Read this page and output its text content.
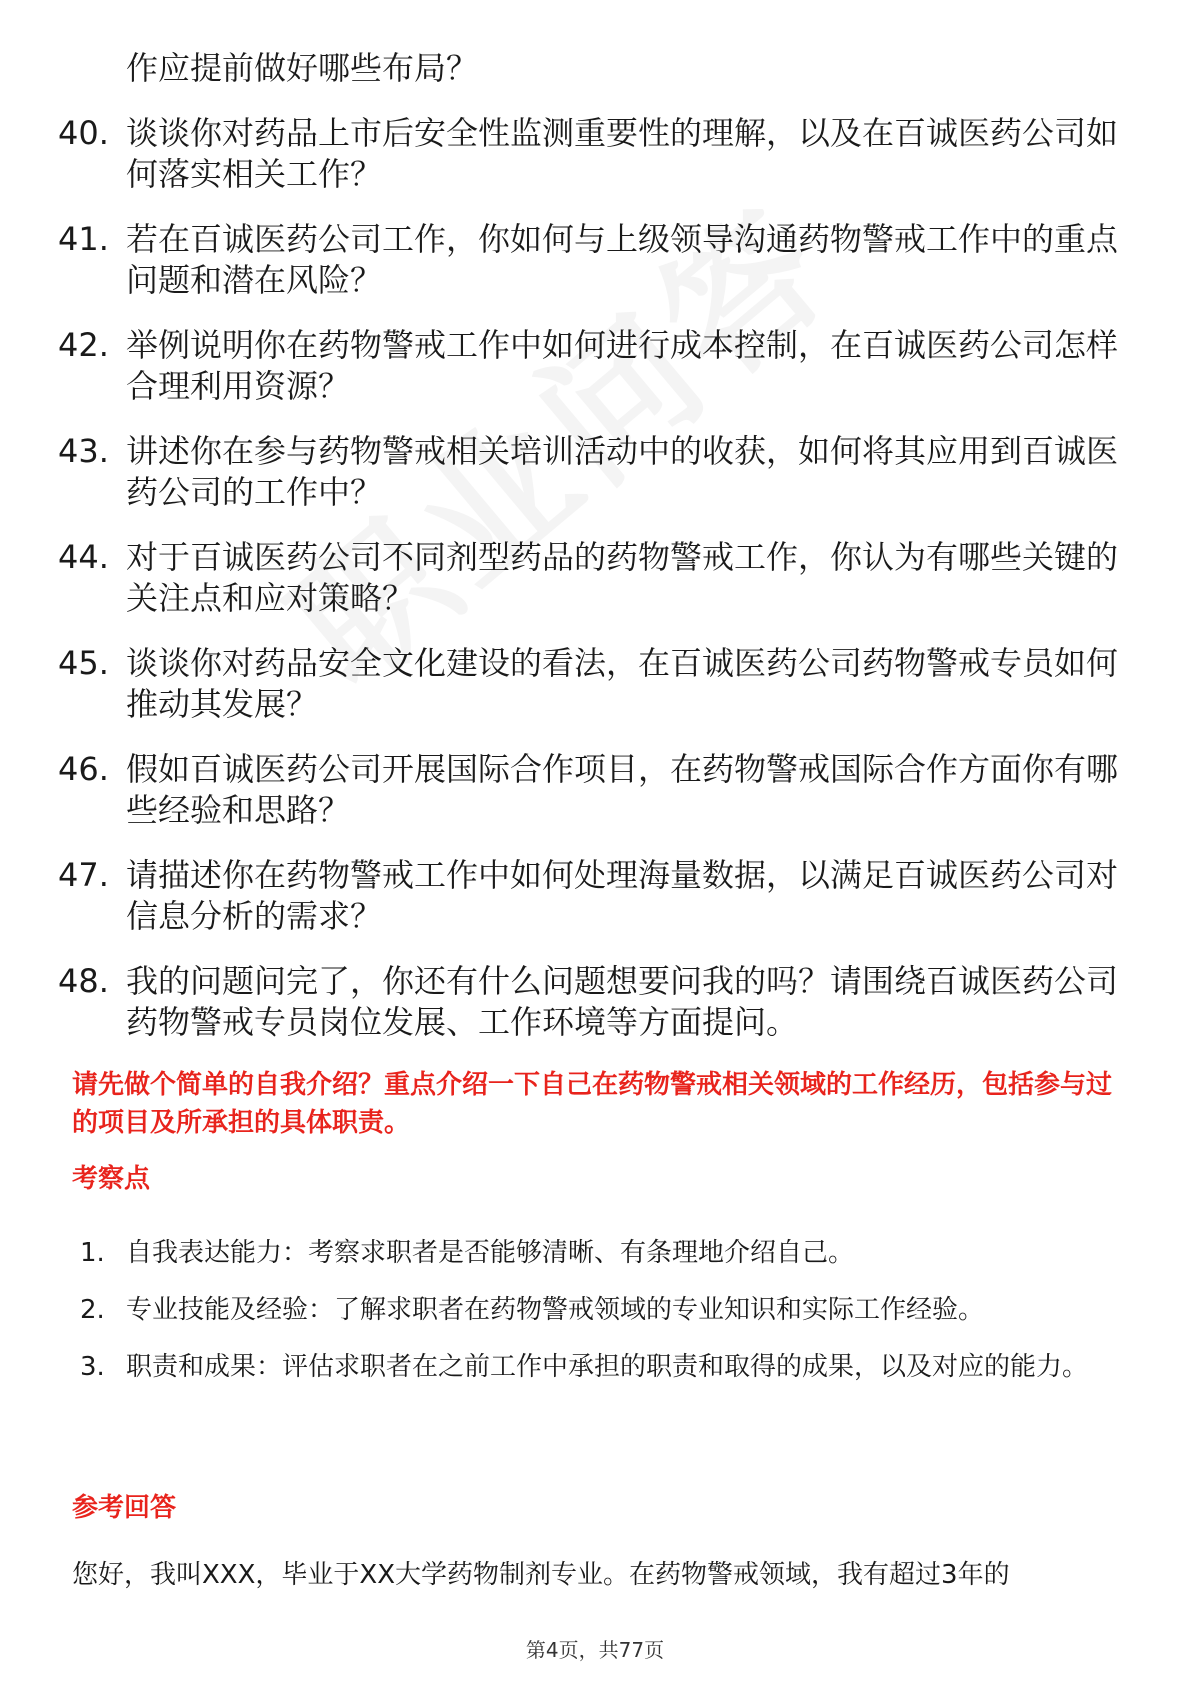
作应提前做好哪些布局？
40. 谈谈你对药品上市后安全性监测重要性的理解，以及在百诚医药公司如何落实相关工作？
41. 若在百诚医药公司工作，你如何与上级领导沟通药物警戒工作中的重点问题和潜在风险？
42. 举例说明你在药物警戒工作中如何进行成本控制，在百诚医药公司怎样合理利用资源？
43. 讲述你在参与药物警戒相关培训活动中的收获，如何将其应用到百诚医药公司的工作中？
44. 对于百诚医药公司不同剂型药品的药物警戒工作，你认为有哪些关键的关注点和应对策略？
45. 谈谈你对药品安全文化建设的看法，在百诚医药公司药物警戒专员如何推动其发展？
46. 假如百诚医药公司开展国际合作项目，在药物警戒国际合作方面你有哪些经验和思路？
47. 请描述你在药物警戒工作中如何处理海量数据，以满足百诚医药公司对信息分析的需求？
48. 我的问题问完了，你还有什么问题想要问我的吗？请围绕百诚医药公司药物警戒专员岗位发展、工作环境等方面提问。
请先做个简单的自我介绍？重点介绍一下自己在药物警戒相关领域的工作经历，包括参与过的项目及所承担的具体职责。
考察点
1. 自我表达能力：考察求职者是否能够清晰、有条理地介绍自己。
2. 专业技能及经验：了解求职者在药物警戒领域的专业知识和实际工作经验。
3. 职责和成果：评估求职者在之前工作中承担的职责和取得的成果，以及对应的能力。
参考回答
您好，我叫XXX，毕业于XX大学药物制剂专业。在药物警戒领域，我有超过3年的
第4页，共77页
